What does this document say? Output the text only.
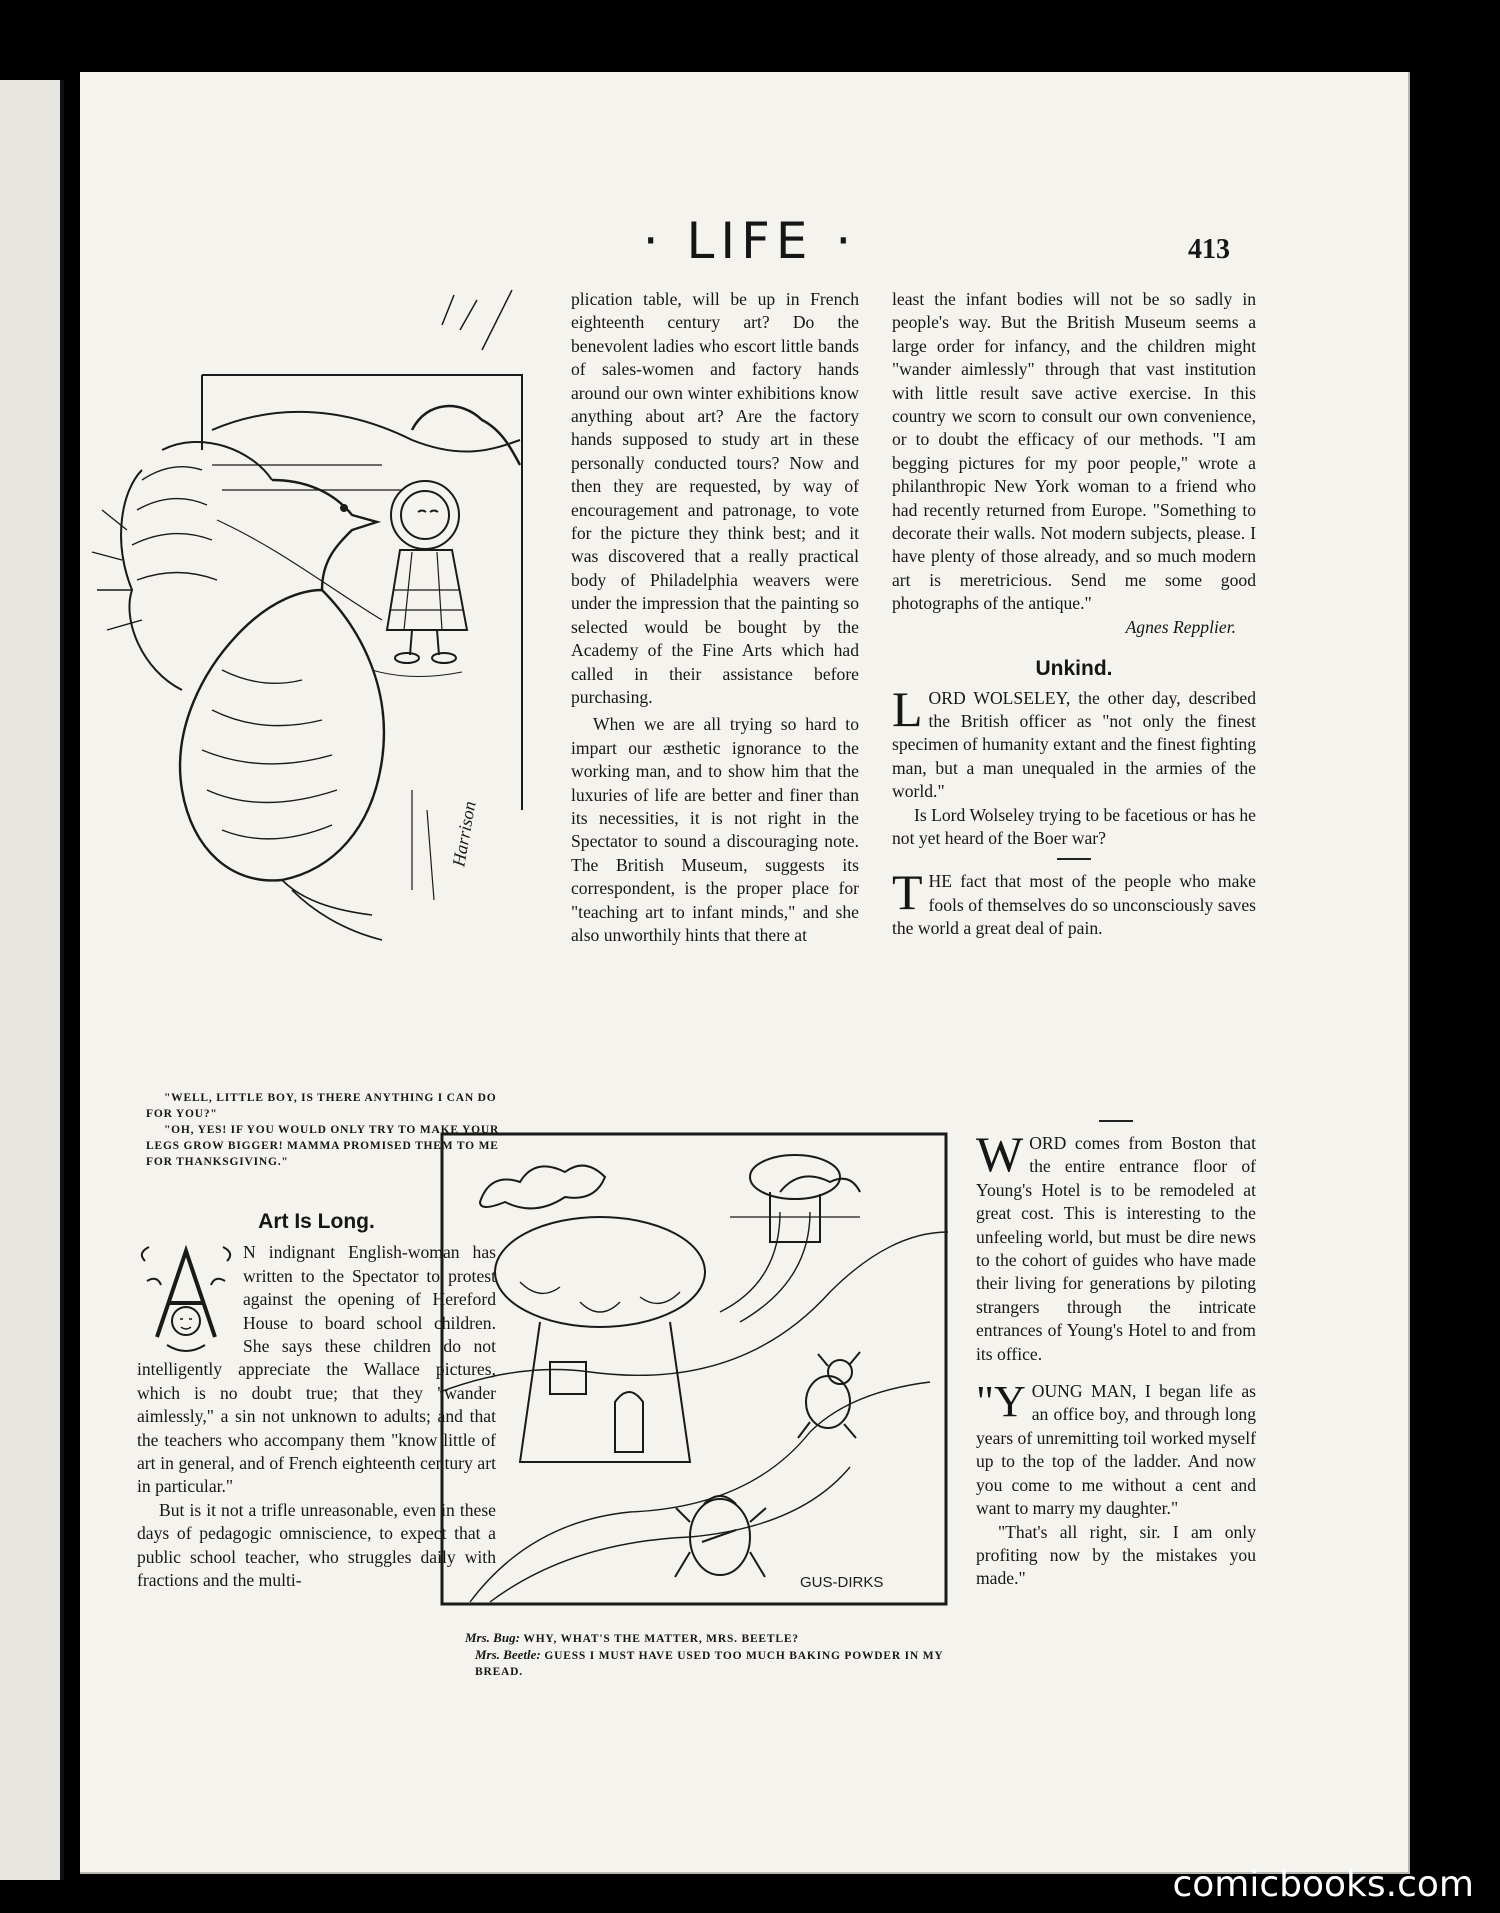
· LIFE ·	413
Harrison
"WELL, LITTLE BOY, IS THERE ANYTHING I CAN DO FOR YOU?"
"OH, YES! IF YOU WOULD ONLY TRY TO MAKE YOUR LEGS GROW BIGGER! MAMMA PROMISED THEM TO ME FOR THANKSGIVING."
Art Is Long.

N indignant English-woman has written to the Spectator to protest against the opening of Hereford House to board school children. She says these children do not intelligently appreciate the Wallace pictures, which is no doubt true; that they "wander aimlessly," a sin not unknown to adults; and that the teachers who accompany them "know little of art in general, and of French eighteenth century art in particular."

But is it not a trifle unreasonable, even in these days of pedagogic omniscience, to expect that a public school teacher, who struggles daily with fractions and the multi-

plication table, will be up in French eighteenth century art? Do the benevolent ladies who escort little bands of sales-women and factory hands around our own winter exhibitions know anything about art? Are the factory hands supposed to study art in these personally conducted tours? Now and then they are requested, by way of encouragement and patronage, to vote for the picture they think best; and it was discovered that a really practical body of Philadelphia weavers were under the impression that the painting so selected would be bought by the Academy of the Fine Arts which had called in their assistance before purchasing.

When we are all trying so hard to impart our æsthetic ignorance to the working man, and to show him that the luxuries of life are better and finer than its necessities, it is not right in the Spectator to sound a discouraging note. The British Museum, suggests its correspondent, is the proper place for "teaching art to infant minds," and she also unworthily hints that there at

least the infant bodies will not be so sadly in people's way. But the British Museum seems a large order for infancy, and the children might "wander aimlessly" through that vast institution with little result save active exercise. In this country we scorn to consult our own convenience, or to doubt the efficacy of our methods. "I am begging pictures for my poor people," wrote a philanthropic New York woman to a friend who had recently returned from Europe. "Something to decorate their walls. Not modern subjects, please. I have plenty of those already, and so much modern art is meretricious. Send me some good photographs of the antique."

Agnes Repplier.

Unkind.

LORD WOLSELEY, the other day, described the British officer as "not only the finest specimen of humanity extant and the finest fighting man, but a man unequaled in the armies of the world."

Is Lord Wolseley trying to be facetious or has he not yet heard of the Boer war?

THE fact that most of the people who make fools of themselves do so unconsciously saves the world a great deal of pain.

GUS-DIRKS
Mrs. Bug: WHY, WHAT'S THE MATTER, MRS. BEETLE?
Mrs. Beetle: GUESS I MUST HAVE USED TOO MUCH BAKING POWDER IN MY BREAD.

WORD comes from Boston that the entire entrance floor of Young's Hotel is to be remodeled at great cost. This is interesting to the unfeeling world, but must be dire news to the cohort of guides who have made their living for generations by piloting strangers through the intricate entrances of Young's Hotel to and from its office.

"YOUNG MAN, I began life as an office boy, and through long years of unremitting toil worked myself up to the top of the ladder. And now you come to me without a cent and want to marry my daughter."

"That's all right, sir. I am only profiting now by the mistakes you made."

comicbooks.com
